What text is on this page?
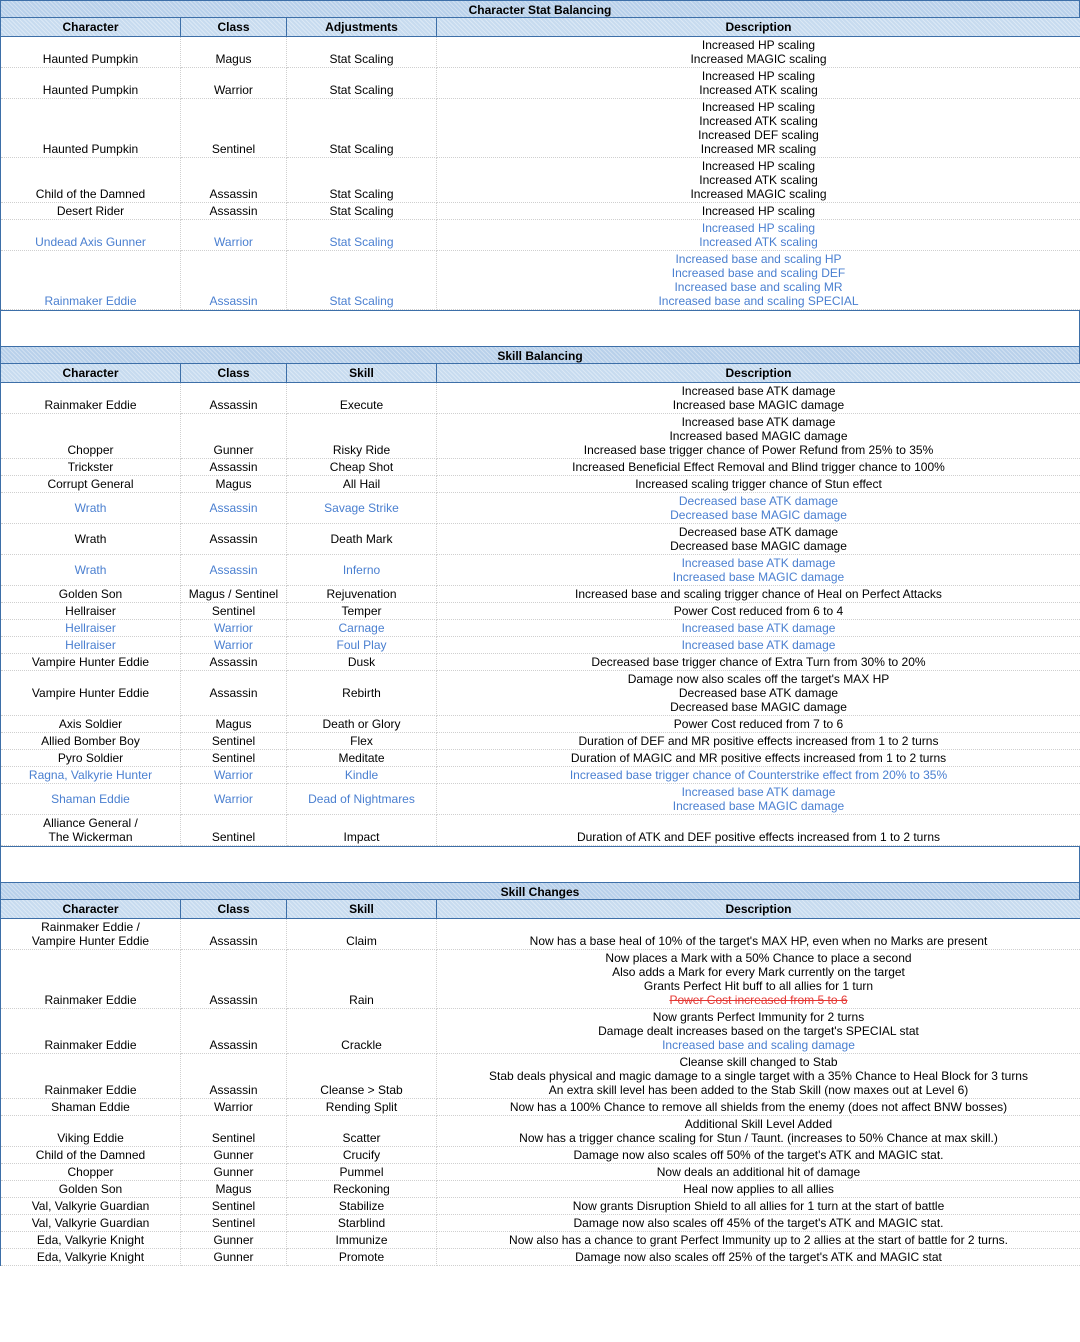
Character Stat Balancing
Character	Class	Adjustments	Description

Haunted Pumpkin	Magus	Stat Scaling	Increased HP scaling
Increased MAGIC scaling

Haunted Pumpkin	Warrior	Stat Scaling	Increased HP scaling
Increased ATK scaling

Haunted Pumpkin	Sentinel	Stat Scaling	Increased HP scaling
Increased ATK scaling
Increased DEF scaling
Increased MR scaling

Child of the Damned	Assassin	Stat Scaling	Increased HP scaling
Increased ATK scaling
Increased MAGIC scaling

Desert Rider	Assassin	Stat Scaling	Increased HP scaling

Undead Axis Gunner	Warrior	Stat Scaling	Increased HP scaling
Increased ATK scaling

Rainmaker Eddie	Assassin	Stat Scaling	Increased base and scaling HP
Increased base and scaling DEF
Increased base and scaling MR
Increased base and scaling SPECIAL
Skill Balancing
Character	Class	Skill	Description

Rainmaker Eddie	Assassin	Execute	Increased base ATK damage
Increased base MAGIC damage

Chopper	Gunner	Risky Ride	Increased base ATK damage
Increased based MAGIC damage
Increased base trigger chance of Power Refund from 25% to 35%

Trickster	Assassin	Cheap Shot	Increased Beneficial Effect Removal and Blind trigger chance to 100%

Corrupt General	Magus	All Hail	Increased scaling trigger chance of Stun effect

Wrath	Assassin	Savage Strike	Decreased base ATK damage
Decreased base MAGIC damage

Wrath	Assassin	Death Mark	Decreased base ATK damage
Decreased base MAGIC damage

Wrath	Assassin	Inferno	Increased base ATK damage
Increased base MAGIC damage

Golden Son	Magus / Sentinel	Rejuvenation	Increased base and scaling trigger chance of Heal on Perfect Attacks

Hellraiser	Sentinel	Temper	Power Cost reduced from 6 to 4

Hellraiser	Warrior	Carnage	Increased base ATK damage

Hellraiser	Warrior	Foul Play	Increased base ATK damage

Vampire Hunter Eddie	Assassin	Dusk	Decreased base trigger chance of Extra Turn from 30% to 20%

Vampire Hunter Eddie	Assassin	Rebirth	Damage now also scales off the target's MAX HP
Decreased base ATK damage
Decreased base MAGIC damage

Axis Soldier	Magus	Death or Glory	Power Cost reduced from 7 to 6

Allied Bomber Boy	Sentinel	Flex	Duration of DEF and MR positive effects increased from 1 to 2 turns

Pyro Soldier	Sentinel	Meditate	Duration of MAGIC and MR positive effects increased from 1 to 2 turns

Ragna, Valkyrie Hunter	Warrior	Kindle	Increased base trigger chance of Counterstrike effect from 20% to 35%

Shaman Eddie	Warrior	Dead of Nightmares	Increased base ATK damage
Increased base MAGIC damage

Alliance General /
The Wickerman	Sentinel	Impact	Duration of ATK and DEF positive effects increased from 1 to 2 turns
Skill Changes
Character	Class	Skill	Description

Rainmaker Eddie /
Vampire Hunter Eddie	Assassin	Claim	Now has a base heal of 10% of the target's MAX HP, even when no Marks are present

Rainmaker Eddie	Assassin	Rain	Now places a Mark with a 50% Chance to place a second
Also adds a Mark for every Mark currently on the target
Grants Perfect Hit buff to all allies for 1 turn
Power Cost increased from 5 to 6

Rainmaker Eddie	Assassin	Crackle	Now grants Perfect Immunity for 2 turns
Damage dealt increases based on the target's SPECIAL stat
Increased base and scaling damage

Rainmaker Eddie	Assassin	Cleanse > Stab	Cleanse skill changed to Stab
Stab deals physical and magic damage to a single target with a 35% Chance to Heal Block for 3 turns
An extra skill level has been added to the Stab Skill (now maxes out at Level 6)

Shaman Eddie	Warrior	Rending Split	Now has a 100% Chance to remove all shields from the enemy (does not affect BNW bosses)

Viking Eddie	Sentinel	Scatter	Additional Skill Level Added
Now has a trigger chance scaling for Stun / Taunt. (increases to 50% Chance at max skill.)

Child of the Damned	Gunner	Crucify	Damage now also scales off 50% of the target's ATK and MAGIC stat.

Chopper	Gunner	Pummel	Now deals an additional hit of damage

Golden Son	Magus	Reckoning	Heal now applies to all allies

Val, Valkyrie Guardian	Sentinel	Stabilize	Now grants Disruption Shield to all allies for 1 turn at the start of battle

Val, Valkyrie Guardian	Sentinel	Starblind	Damage now also scales off 45% of the target's ATK and MAGIC stat.

Eda, Valkyrie Knight	Gunner	Immunize	Now also has a chance to grant Perfect Immunity up to 2 allies at the start of battle for 2 turns.

Eda, Valkyrie Knight	Gunner	Promote	Damage now also scales off 25% of the target's ATK and MAGIC stat
